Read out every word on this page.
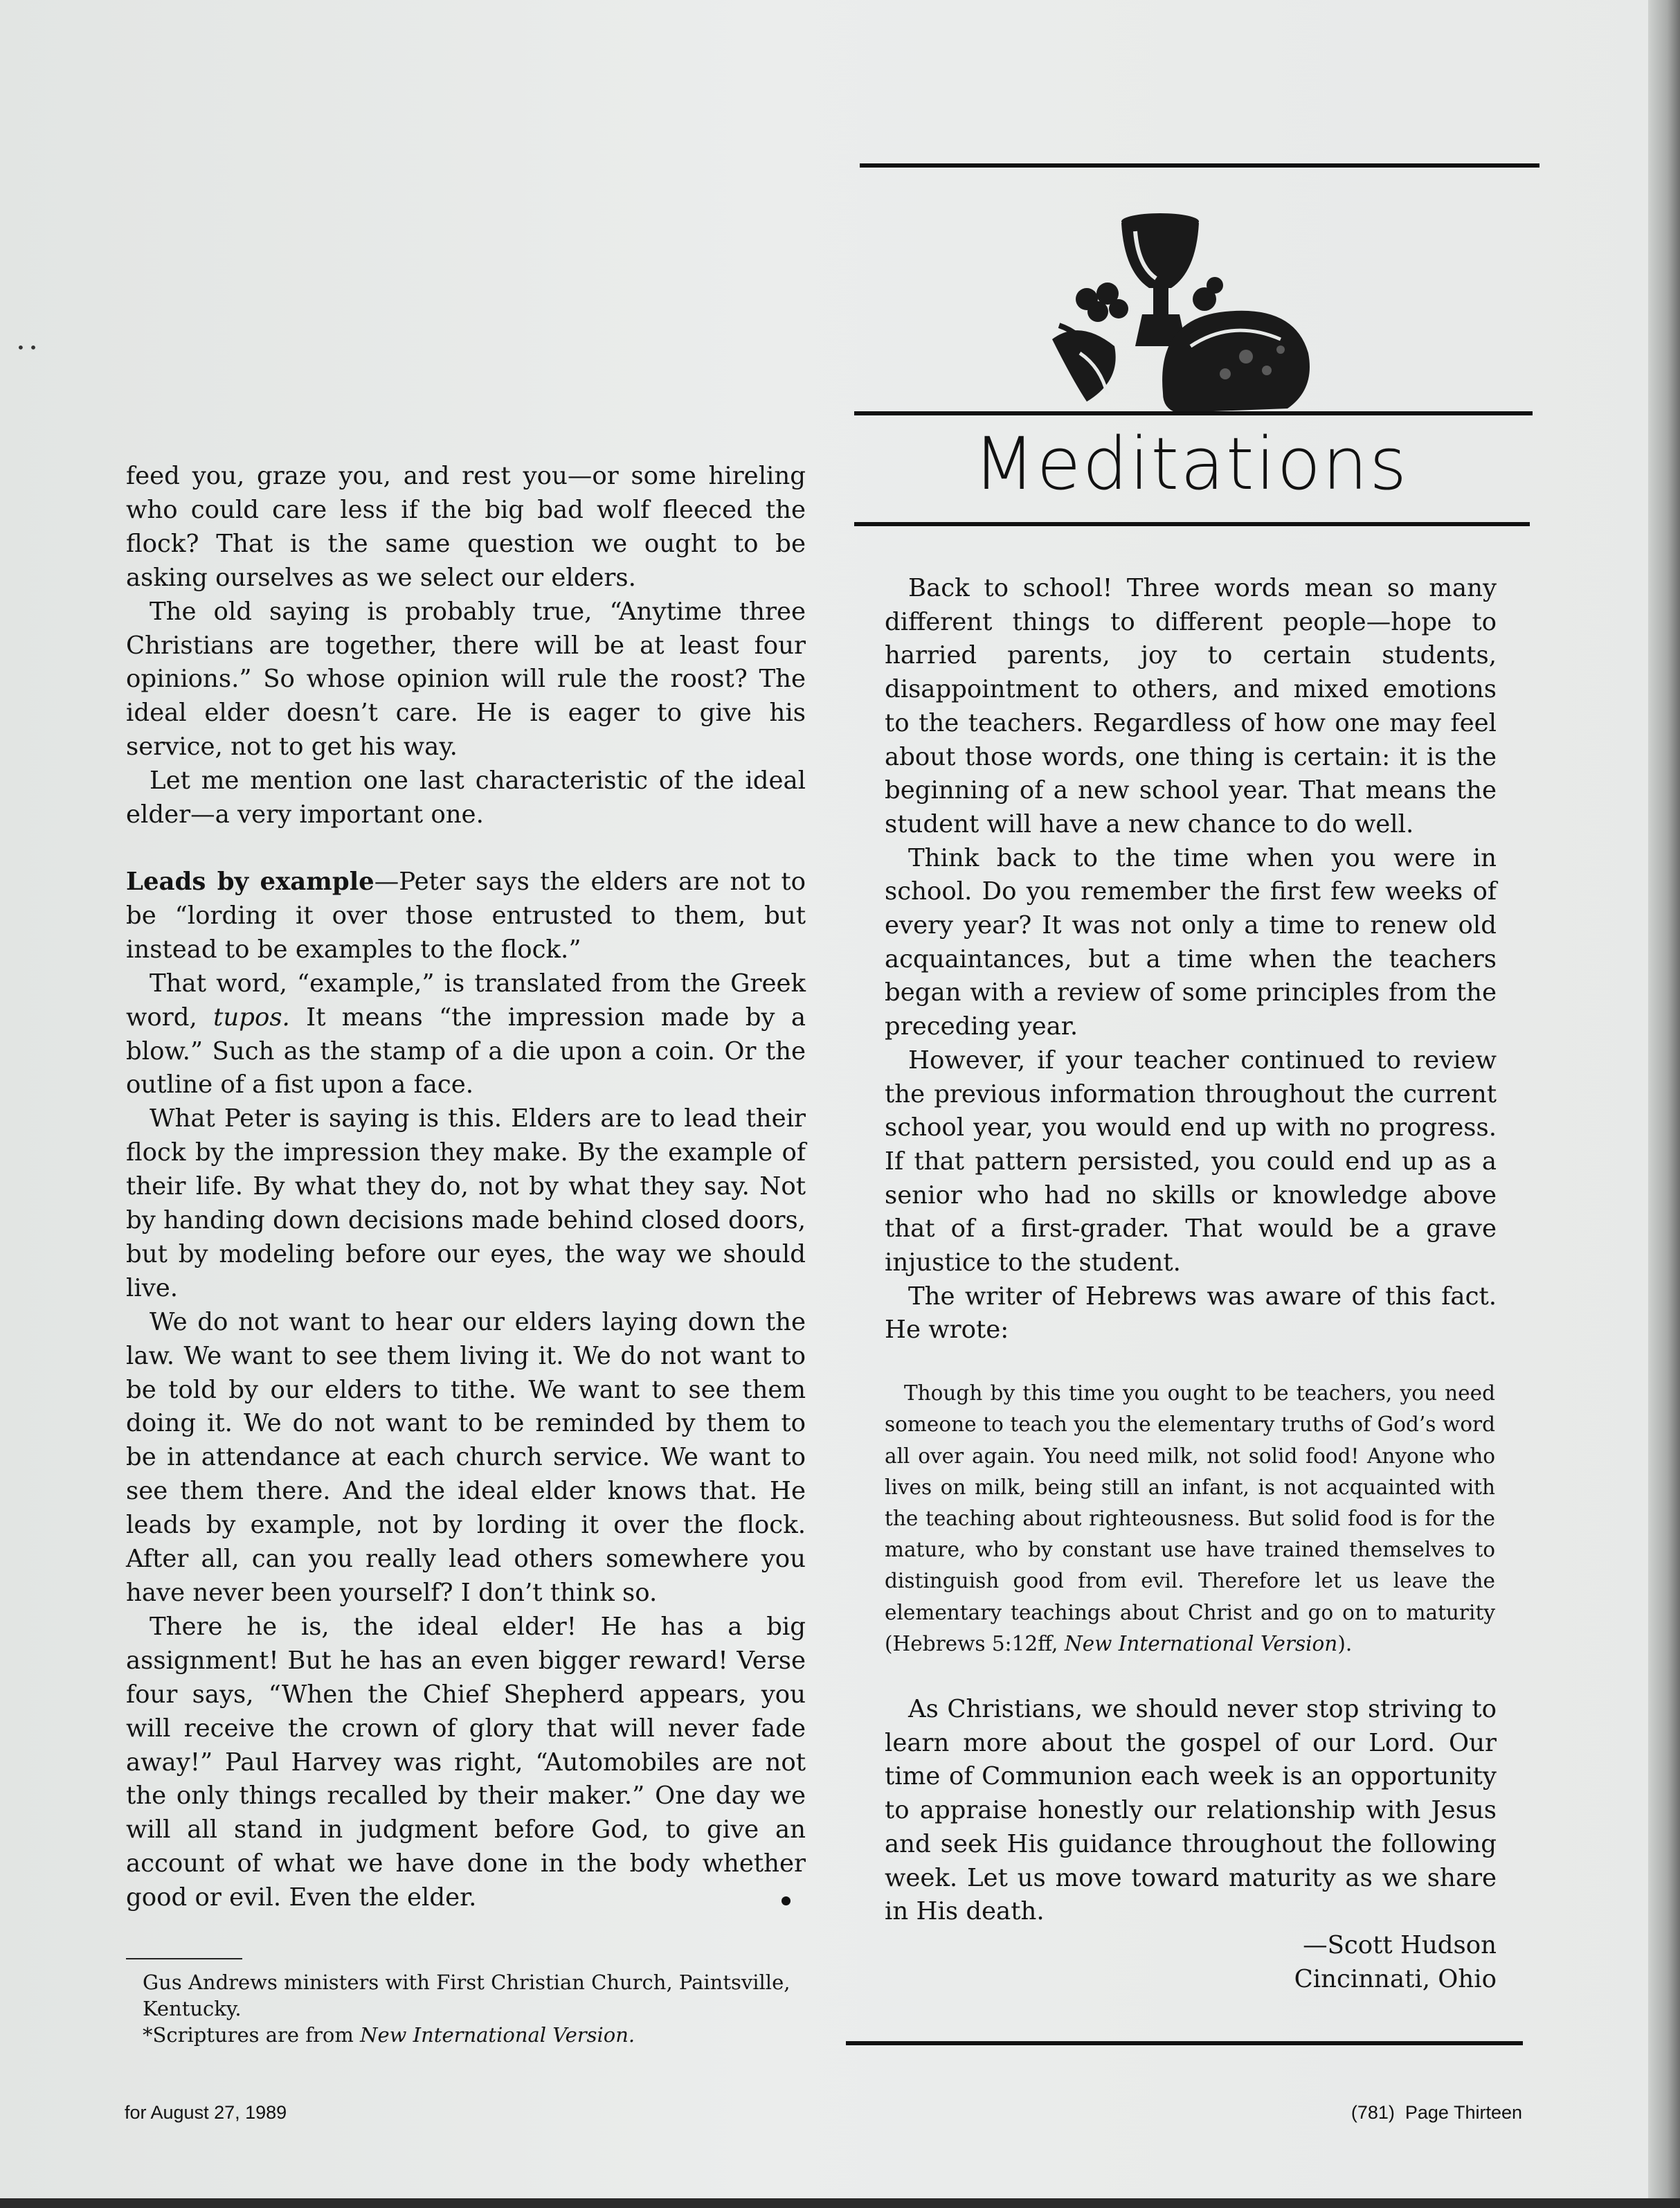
• •

feed you, graze you, and rest you—or some hireling who could care less if the big bad wolf fleeced the flock? That is the same question we ought to be asking ourselves as we select our elders.

The old saying is probably true, “Anytime three Christians are together, there will be at least four opinions.” So whose opinion will rule the roost? The ideal elder doesn’t care. He is eager to give his service, not to get his way.

Let me mention one last characteristic of the ideal elder—a very important one.

Leads by example—Peter says the elders are not to be “lording it over those entrusted to them, but instead to be examples to the flock.”

That word, “example,” is translated from the Greek word, tupos. It means “the impression made by a blow.” Such as the stamp of a die upon a coin. Or the outline of a fist upon a face.

What Peter is saying is this. Elders are to lead their flock by the impression they make. By the example of their life. By what they do, not by what they say. Not by handing down decisions made behind closed doors, but by modeling before our eyes, the way we should live.

We do not want to hear our elders laying down the law. We want to see them living it. We do not want to be told by our elders to tithe. We want to see them doing it. We do not want to be reminded by them to be in attendance at each church service. We want to see them there. And the ideal elder knows that. He leads by example, not by lording it over the flock. After all, can you really lead others somewhere you have never been yourself? I don’t think so.

There he is, the ideal elder! He has a big assignment! But he has an even bigger reward! Verse four says, “When the Chief Shepherd appears, you will receive the crown of glory that will never fade away!” Paul Harvey was right, “Automobiles are not the only things recalled by their maker.” One day we will all stand in judgment before God, to give an account of what we have done in the body whether good or evil. Even the elder.

Gus Andrews ministers with First Christian Church, Paintsville, Kentucky.
*Scriptures are from New International Version.
Meditations

Back to school! Three words mean so many different things to different people—hope to harried parents, joy to certain students, disappointment to others, and mixed emotions to the teachers. Regardless of how one may feel about those words, one thing is certain: it is the beginning of a new school year. That means the student will have a new chance to do well.

Think back to the time when you were in school. Do you remember the first few weeks of every year? It was not only a time to renew old acquaintances, but a time when the teachers began with a review of some principles from the preceding year.

However, if your teacher continued to review the previous information throughout the current school year, you would end up with no progress. If that pattern persisted, you could end up as a senior who had no skills or knowledge above that of a first-grader. That would be a grave injustice to the student.

The writer of Hebrews was aware of this fact. He wrote:

Though by this time you ought to be teachers, you need someone to teach you the elementary truths of God’s word all over again. You need milk, not solid food! Anyone who lives on milk, being still an infant, is not acquainted with the teaching about righteousness. But solid food is for the mature, who by constant use have trained themselves to distinguish good from evil. Therefore let us leave the elementary teachings about Christ and go on to maturity (Hebrews 5:12ff, New International Version).

As Christians, we should never stop striving to learn more about the gospel of our Lord. Our time of Communion each week is an opportunity to appraise honestly our relationship with Jesus and seek His guidance throughout the following week. Let us move toward maturity as we share in His death.

—Scott Hudson

Cincinnati, Ohio

for August 27, 1989	(781)  Page Thirteen
